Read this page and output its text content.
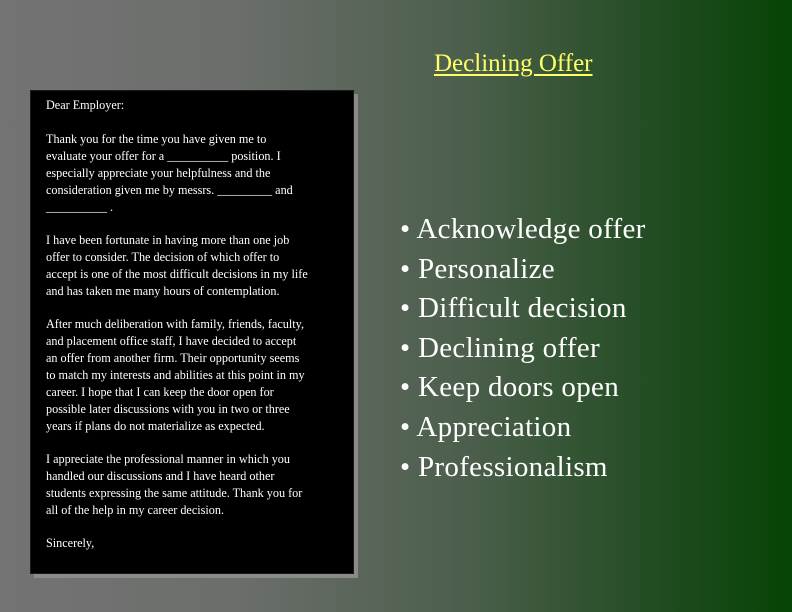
Declining Offer

Dear Employer:

Thank you for the time you have given me to
evaluate your offer for a __________ position. I
especially appreciate your helpfulness and the
consideration given me by messrs. _________ and
__________ .

I have been fortunate in having more than one job
offer to consider. The decision of which offer to
accept is one of the most difficult decisions in my life
and has taken me many hours of contemplation.

After much deliberation with family, friends, faculty,
and placement office staff, I have decided to accept
an offer from another firm. Their opportunity seems
to match my interests and abilities at this point in my
career. I hope that I can keep the door open for
possible later discussions with you in two or three
years if plans do not materialize as expected.

I appreciate the professional manner in which you
handled our discussions and I have heard other
students expressing the same attitude. Thank you for
all of the help in my career decision.

Sincerely,

• Acknowledge offer
• Personalize
• Difficult decision
• Declining offer
• Keep doors open
• Appreciation
• Professionalism
